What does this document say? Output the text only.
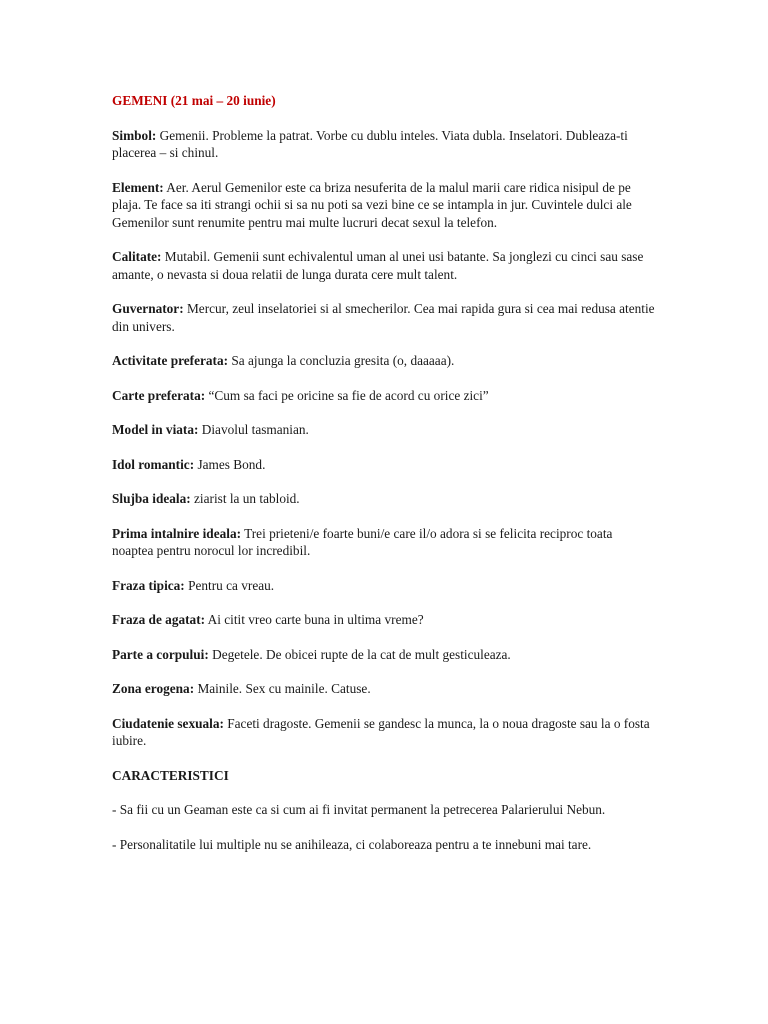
GEMENI (21 mai – 20 iunie)

Simbol: Gemenii. Probleme la patrat. Vorbe cu dublu inteles. Viata dubla. Inselatori. Dubleaza-ti placerea – si chinul.

Element: Aer. Aerul Gemenilor este ca briza nesuferita de la malul marii care ridica nisipul de pe plaja. Te face sa iti strangi ochii si sa nu poti sa vezi bine ce se intampla in jur. Cuvintele dulci ale Gemenilor sunt renumite pentru mai multe lucruri decat sexul la telefon.

Calitate: Mutabil. Gemenii sunt echivalentul uman al unei usi batante. Sa jonglezi cu cinci sau sase amante, o nevasta si doua relatii de lunga durata cere mult talent.

Guvernator: Mercur, zeul inselatoriei si al smecherilor. Cea mai rapida gura si cea mai redusa atentie din univers.

Activitate preferata: Sa ajunga la concluzia gresita (o, daaaaa).

Carte preferata: “Cum sa faci pe oricine sa fie de acord cu orice zici”

Model in viata: Diavolul tasmanian.

Idol romantic: James Bond.

Slujba ideala: ziarist la un tabloid.

Prima intalnire ideala: Trei prieteni/e foarte buni/e care il/o adora si se felicita reciproc toata noaptea pentru norocul lor incredibil.

Fraza tipica: Pentru ca vreau.

Fraza de agatat: Ai citit vreo carte buna in ultima vreme?

Parte a corpului: Degetele. De obicei rupte de la cat de mult gesticuleaza.

Zona erogena: Mainile. Sex cu mainile. Catuse.

Ciudatenie sexuala: Faceti dragoste. Gemenii se gandesc la munca, la o noua dragoste sau la o fosta iubire.

CARACTERISTICI

- Sa fii cu un Geaman este ca si cum ai fi invitat permanent la petrecerea Palarierului Nebun.

- Personalitatile lui multiple nu se anihileaza, ci colaboreaza pentru a te innebuni mai tare.
